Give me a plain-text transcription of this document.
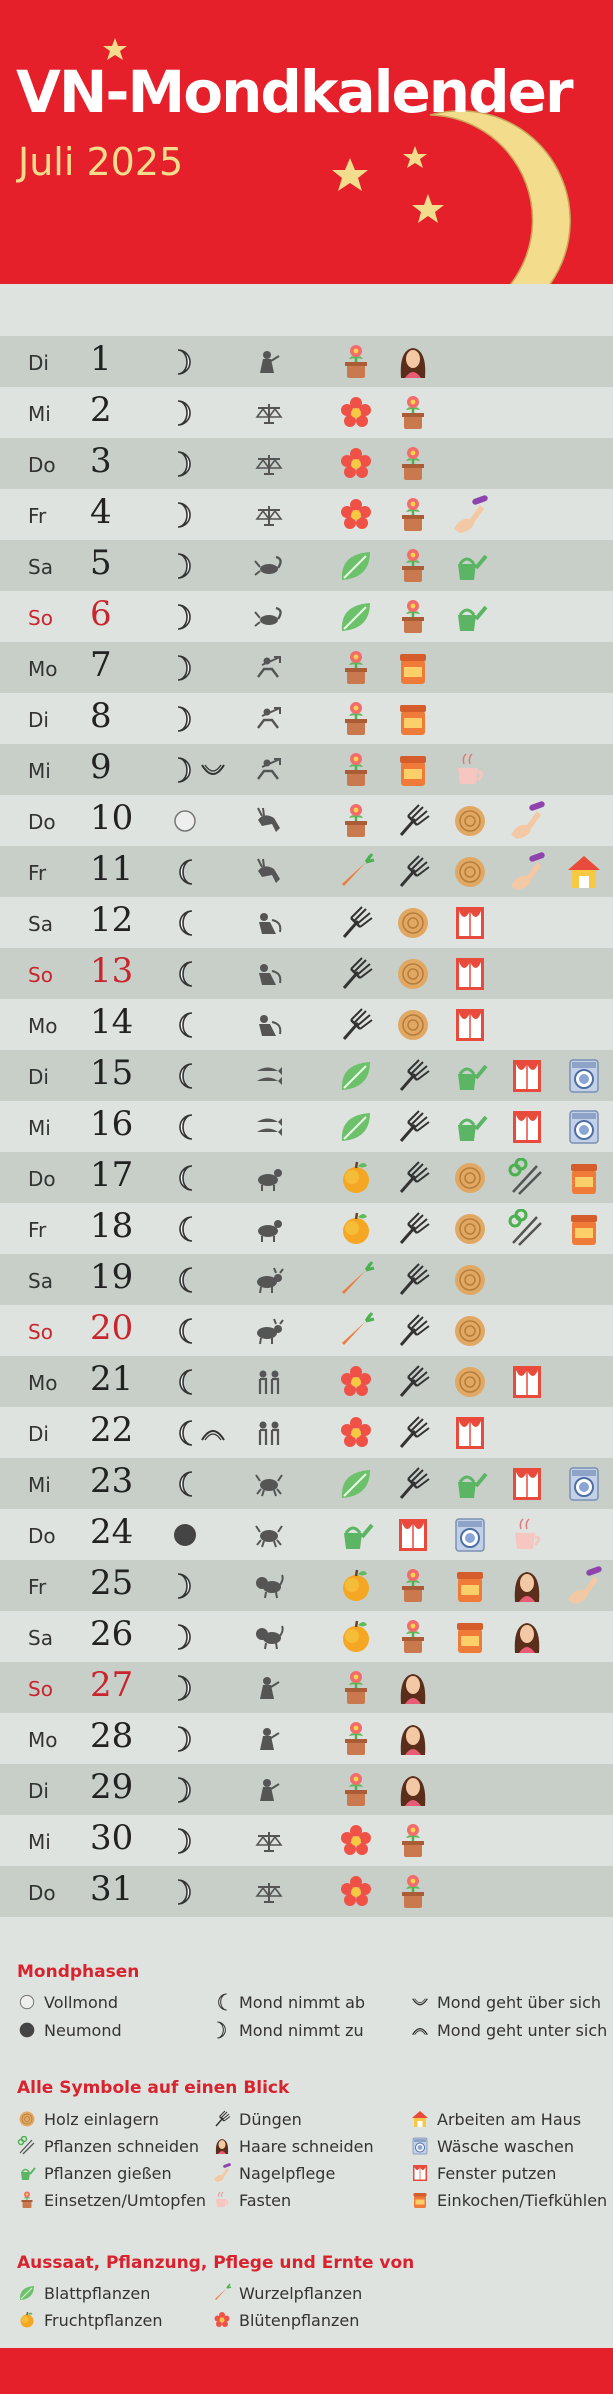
VN-Mondkalender
Juli 2025
Di 1
Mi 2
Do 3
Fr 4
Sa 5
So 6
Mo 7
Di 8
Mi 9
Do 10
Fr 11
Sa 12
So 13
Mo 14
Di 15
Mi 16
Do 17
Fr 18
Sa 19
So 20
Mo 21
Di 22
Mi 23
Do 24
Fr 25
Sa 26
So 27
Mo 28
Di 29
Mi 30
Do 31
Mondphasen
Vollmond
Neumond
Mond nimmt ab
Mond nimmt zu
Mond geht über sich
Mond geht unter sich
Alle Symbole auf einen Blick
Holz einlagern
Pflanzen schneiden
Pflanzen gießen
Einsetzen/Umtopfen
Düngen
Haare schneiden
Nagelpflege
Fasten
Arbeiten am Haus
Wäsche waschen
Fenster putzen
Einkochen/Tiefkühlen
Aussaat, Pflanzung, Pflege und Ernte von
Blattpflanzen
Fruchtpflanzen
Wurzelpflanzen
Blütenpflanzen
